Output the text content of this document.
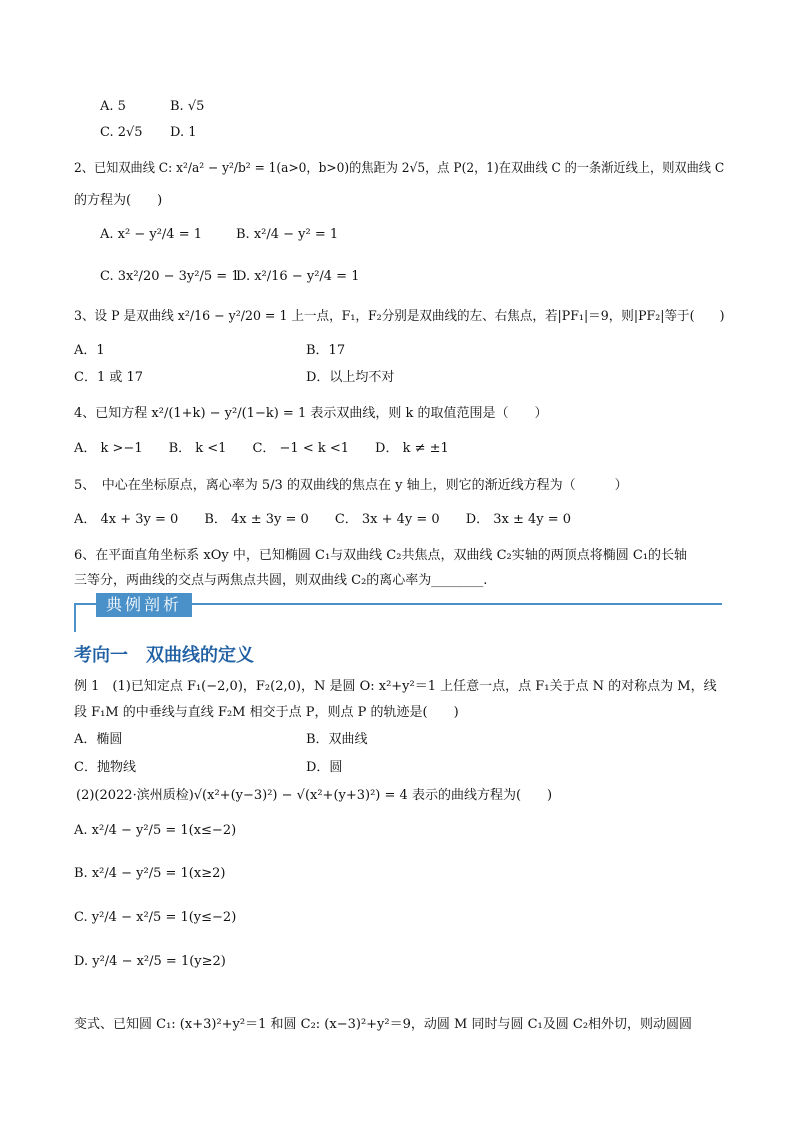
A. 5	B. √5
C. 2√5 D. 1
2、已知双曲线 C: x²/a² − y²/b² = 1(a>0，b>0)的焦距为 2√5，点 P(2，1)在双曲线 C 的一条渐近线上，则双曲线 C
的方程为(　　)
A. x² − y²/4 = 1	B. x²/4 − y² = 1
C. 3x²/20 − 3y²/5 = 1
D. x²/16 − y²/4 = 1
3、设 P 是双曲线 x²/16 − y²/20 = 1 上一点，F₁，F₂分别是双曲线的左、右焦点，若|PF₁|＝9，则|PF₂|等于(　　)
A．1	B．17
C．1 或 17	D．以上均不对
4、已知方程 x²/(1+k) − y²/(1−k) = 1 表示双曲线，则 k 的取值范围是（　　）
A． k >−1　　B． k <1　　C． −1 < k <1　　D． k ≠ ±1
5、　中心在坐标原点，离心率为 5/3 的双曲线的焦点在 y 轴上，则它的渐近线方程为（　　　）
A． 4x + 3y = 0　　B． 4x ± 3y = 0　　C． 3x + 4y = 0　　D． 3x ± 4y = 0
6、在平面直角坐标系 xOy 中，已知椭圆 C₁与双曲线 C₂共焦点，双曲线 C₂实轴的两顶点将椭圆 C₁的长轴
三等分，两曲线的交点与两焦点共圆，则双曲线 C₂的离心率为________.
典例剖析
考向一　双曲线的定义
例 1　(1)已知定点 F₁(−2,0)，F₂(2,0)，N 是圆 O: x²+y²＝1 上任意一点，点 F₁关于点 N 的对称点为 M，线
段 F₁M 的中垂线与直线 F₂M 相交于点 P，则点 P 的轨迹是(　　)
A．椭圆	B．双曲线
C．抛物线	D．圆
(2)(2022·滨州质检)√(x²+(y−3)²) − √(x²+(y+3)²) = 4 表示的曲线方程为(　　)
A. x²/4 − y²/5 = 1(x≤−2)
B. x²/4 − y²/5 = 1(x≥2)
C. y²/4 − x²/5 = 1(y≤−2)
D. y²/4 − x²/5 = 1(y≥2)
变式、已知圆 C₁: (x+3)²+y²＝1 和圆 C₂: (x−3)²+y²＝9，动圆 M 同时与圆 C₁及圆 C₂相外切，则动圆圆
